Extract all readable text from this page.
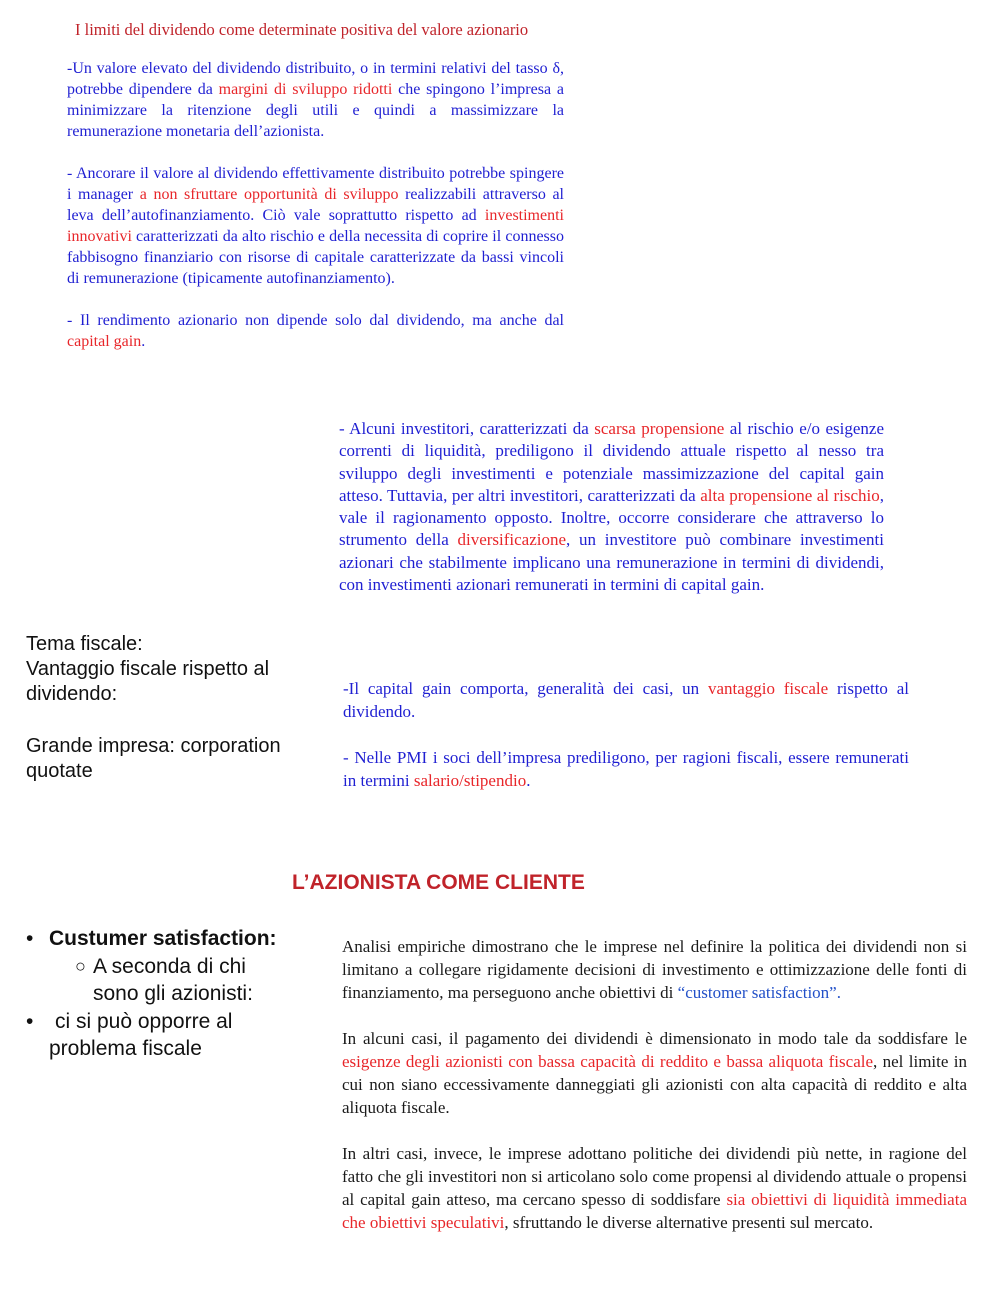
I limiti del dividendo come determinate positiva del valore azionario

-Un valore elevato del dividendo distribuito, o in termini relativi del tasso δ, potrebbe dipendere da margini di sviluppo ridotti che spingono l’impresa a minimizzare la ritenzione degli utili e quindi a massimizzare la remunerazione monetaria dell’azionista.

- Ancorare il valore al dividendo effettivamente distribuito potrebbe spingere i manager a non sfruttare opportunità di sviluppo realizzabili attraverso al leva dell’autofinanziamento. Ciò vale soprattutto rispetto ad investimenti innovativi caratterizzati da alto rischio e della necessita di coprire il connesso fabbisogno finanziario con risorse di capitale caratterizzate da bassi vincoli di remunerazione (tipicamente autofinanziamento).

- Il rendimento azionario non dipende solo dal dividendo, ma anche dal capital gain.

- Alcuni investitori, caratterizzati da scarsa propensione al rischio e/o esigenze correnti di liquidità, prediligono il dividendo attuale rispetto al nesso tra sviluppo degli investimenti e potenziale massimizzazione del capital gain atteso. Tuttavia, per altri investitori, caratterizzati da alta propensione al rischio, vale il ragionamento opposto. Inoltre, occorre considerare che attraverso lo strumento della diversificazione, un investitore può combinare investimenti azionari che stabilmente implicano una remunerazione in termini di dividendi, con investimenti azionari remunerati in termini di capital gain.

Tema fiscale:
Vantaggio fiscale rispetto al
dividendo:
Grande impresa: corporation
quotate

-Il capital gain comporta, generalità dei casi, un vantaggio fiscale rispetto al dividendo.

- Nelle PMI i soci dell’impresa prediligono, per ragioni fiscali, essere remunerati in termini salario/stipendio.

L’AZIONISTA COME CLIENTE
• Custumer satisfaction:
○ A seconda di chi
sono gli azionisti:
• ci si può opporre al
problema fiscale

Analisi empiriche dimostrano che le imprese nel definire la politica dei dividendi non si limitano a collegare rigidamente decisioni di investimento e ottimizzazione delle fonti di finanziamento, ma perseguono anche obiettivi di “customer satisfaction”.

In alcuni casi, il pagamento dei dividendi è dimensionato in modo tale da soddisfare le esigenze degli azionisti con bassa capacità di reddito e bassa aliquota fiscale, nel limite in cui non siano eccessivamente danneggiati gli azionisti con alta capacità di reddito e alta aliquota fiscale.

In altri casi, invece, le imprese adottano politiche dei dividendi più nette, in ragione del fatto che gli investitori non si articolano solo come propensi al dividendo attuale o propensi al capital gain atteso, ma cercano spesso di soddisfare sia obiettivi di liquidità immediata che obiettivi speculativi, sfruttando le diverse alternative presenti sul mercato.
